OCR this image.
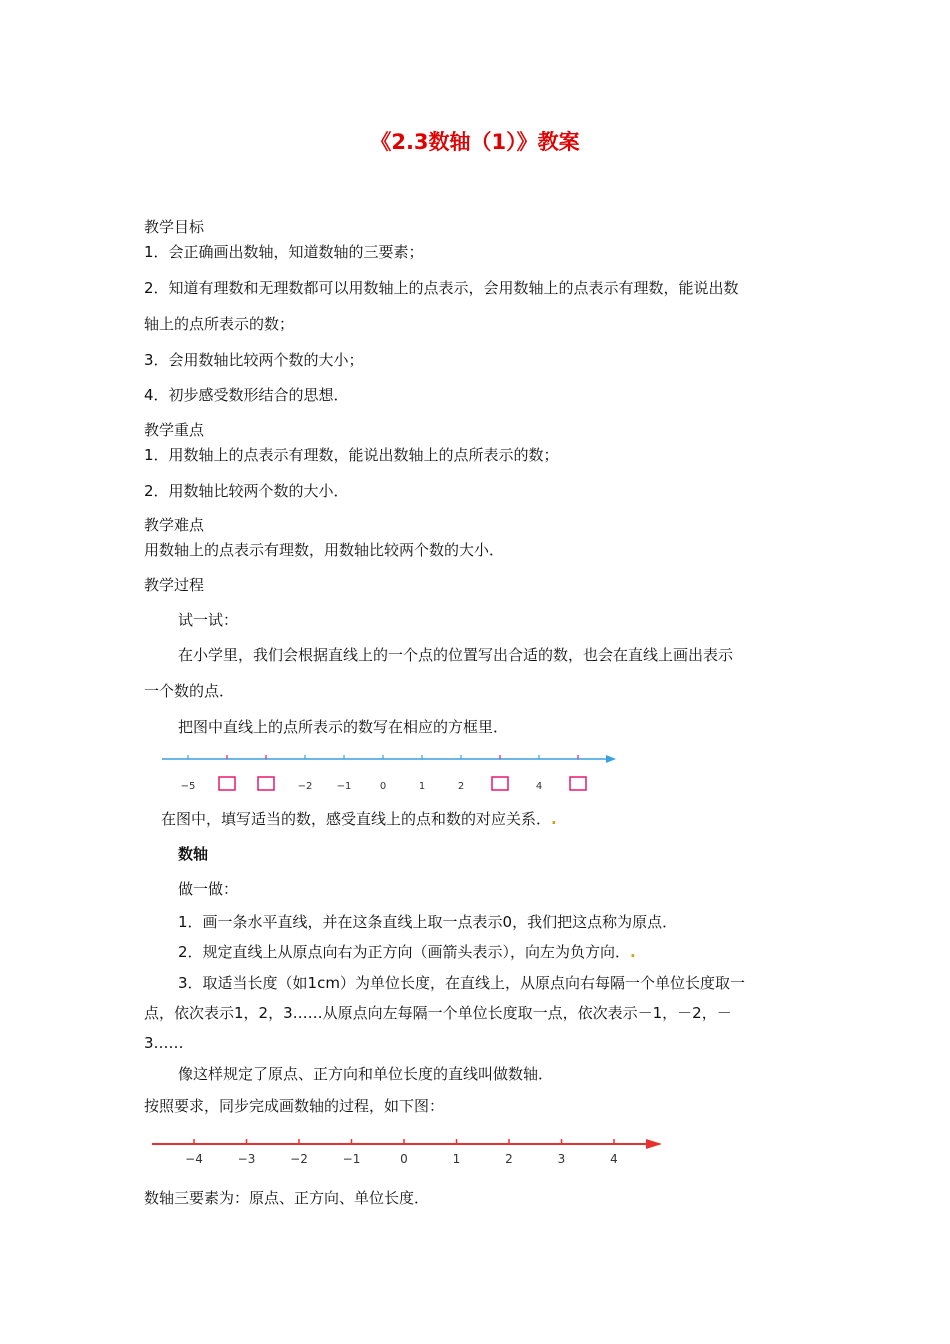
《2.3数轴（1）》教案
教学目标
1．会正确画出数轴，知道数轴的三要素；
2．知道有理数和无理数都可以用数轴上的点表示，会用数轴上的点表示有理数，能说出数
轴上的点所表示的数；
3．会用数轴比较两个数的大小；
4．初步感受数形结合的思想．
教学重点
1．用数轴上的点表示有理数，能说出数轴上的点所表示的数；
2．用数轴比较两个数的大小．
教学难点
用数轴上的点表示有理数，用数轴比较两个数的大小．
教学过程
试一试：
在小学里，我们会根据直线上的一个点的位置写出合适的数，也会在直线上画出表示
一个数的点．
把图中直线上的点所表示的数写在相应的方框里．
−5	−2 −1	0	1	2	4
在图中，填写适当的数，感受直线上的点和数的对应关系．.
数轴
做一做：
1．画一条水平直线，并在这条直线上取一点表示0，我们把这点称为原点．
2．规定直线上从原点向右为正方向（画箭头表示），向左为负方向．.
3．取适当长度（如1cm）为单位长度，在直线上，从原点向右每隔一个单位长度取一
点，依次表示1，2，3……从原点向左每隔一个单位长度取一点，依次表示－1，－2，－
3……
像这样规定了原点、正方向和单位长度的直线叫做数轴．
按照要求，同步完成画数轴的过程，如下图：
−4	−3	−2	−1	0	1	2	3	4
数轴三要素为：原点、正方向、单位长度．
